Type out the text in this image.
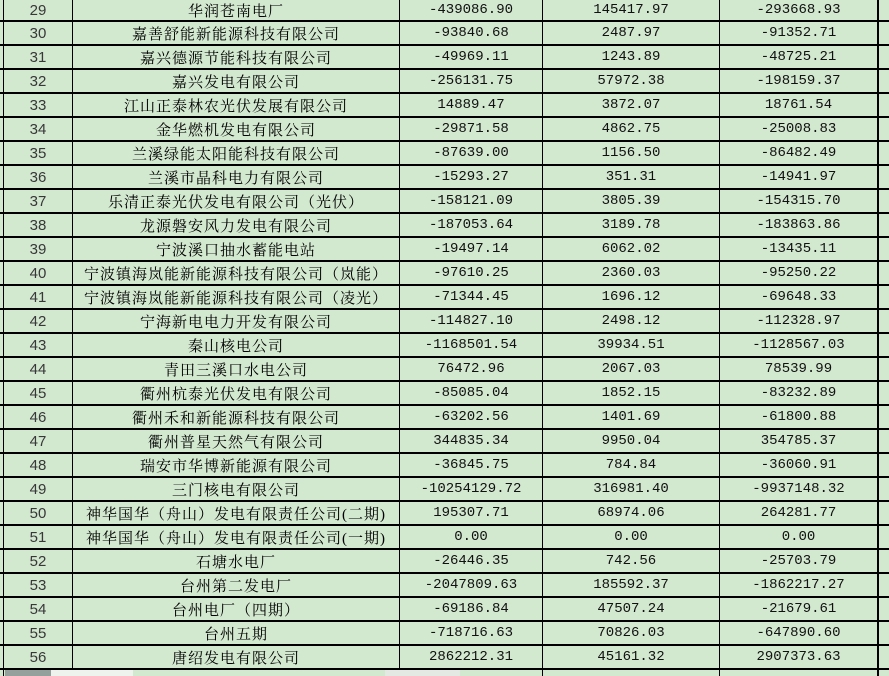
29	华润苍南电厂	-439086.90	145417.97	-293668.93
30	嘉善舒能新能源科技有限公司	-93840.68	2487.97	-91352.71
31	嘉兴德源节能科技有限公司	-49969.11	1243.89	-48725.21
32	嘉兴发电有限公司	-256131.75	57972.38	-198159.37
33	江山正泰林农光伏发展有限公司	14889.47	3872.07	18761.54
34	金华燃机发电有限公司	-29871.58	4862.75	-25008.83
35	兰溪绿能太阳能科技有限公司	-87639.00	1156.50	-86482.49
36	兰溪市晶科电力有限公司	-15293.27	351.31	-14941.97
37	乐清正泰光伏发电有限公司（光伏）	-158121.09	3805.39	-154315.70
38	龙源磐安风力发电有限公司	-187053.64	3189.78	-183863.86
39	宁波溪口抽水蓄能电站	-19497.14	6062.02	-13435.11
40	宁波镇海岚能新能源科技有限公司（岚能）	-97610.25	2360.03	-95250.22
41	宁波镇海岚能新能源科技有限公司（凌光）	-71344.45	1696.12	-69648.33
42	宁海新电电力开发有限公司	-114827.10	2498.12	-112328.97
43	秦山核电公司	-1168501.54	39934.51	-1128567.03
44	青田三溪口水电公司	76472.96	2067.03	78539.99
45	衢州杭泰光伏发电有限公司	-85085.04	1852.15	-83232.89
46	衢州禾和新能源科技有限公司	-63202.56	1401.69	-61800.88
47	衢州普星天然气有限公司	344835.34	9950.04	354785.37
48	瑞安市华博新能源有限公司	-36845.75	784.84	-36060.91
49	三门核电有限公司	-10254129.72	316981.40	-9937148.32
50	神华国华（舟山）发电有限责任公司(二期)	195307.71	68974.06	264281.77
51	神华国华（舟山）发电有限责任公司(一期)	0.00	0.00	0.00
52	石塘水电厂	-26446.35	742.56	-25703.79
53	台州第二发电厂	-2047809.63	185592.37	-1862217.27
54	台州电厂（四期）	-69186.84	47507.24	-21679.61
55	台州五期	-718716.63	70826.03	-647890.60
56	唐绍发电有限公司	2862212.31	45161.32	2907373.63
